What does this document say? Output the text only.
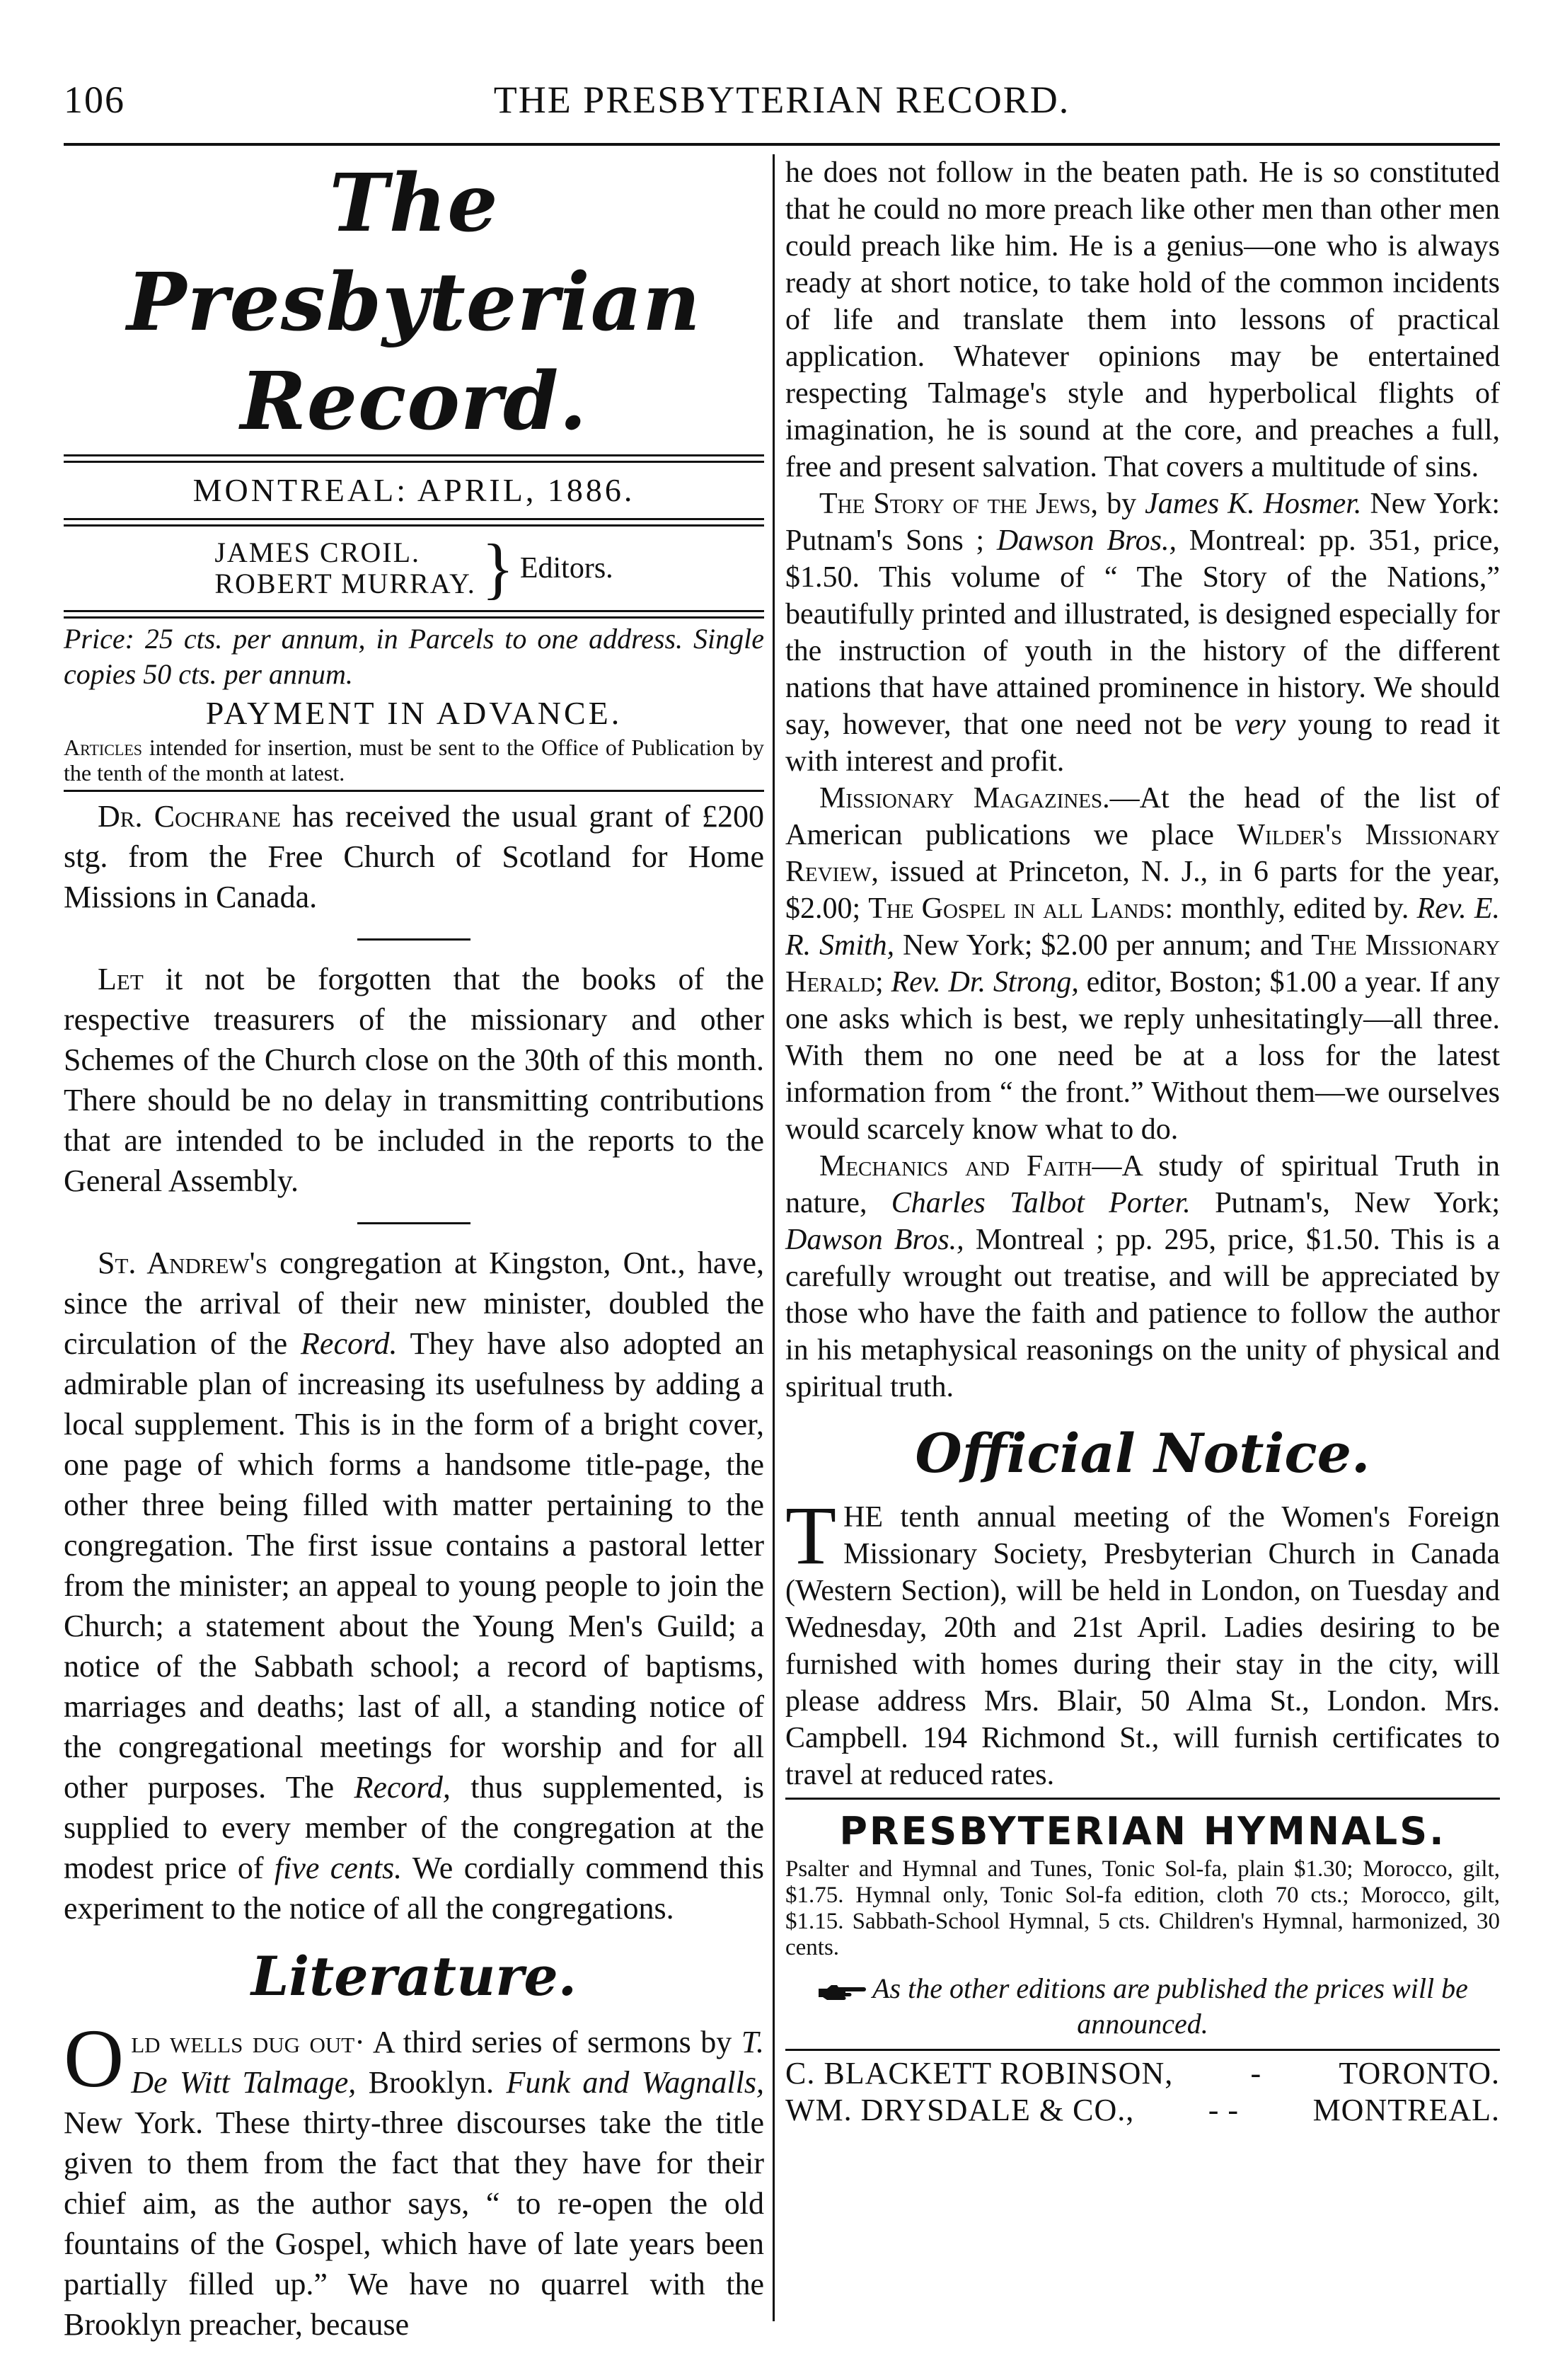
106	THE PRESBYTERIAN RECORD.
The Presbyterian Record.
MONTREAL: APRIL, 1886.
JAMES CROIL.
ROBERT MURRAY. } Editors.

Price: 25 cts. per annum, in Parcels to one address. Single copies 50 cts. per annum.

PAYMENT IN ADVANCE.

Articles intended for insertion, must be sent to the Office of Publication by the tenth of the month at latest.

Dr. Cochrane has received the usual grant of £200 stg. from the Free Church of Scotland for Home Missions in Canada.

Let it not be forgotten that the books of the respective treasurers of the missionary and other Schemes of the Church close on the 30th of this month. There should be no delay in transmitting contributions that are intended to be included in the reports to the General Assembly.

St. Andrew's congregation at Kingston, Ont., have, since the arrival of their new minister, doubled the circulation of the Record. They have also adopted an admirable plan of increasing its usefulness by adding a local supplement. This is in the form of a bright cover, one page of which forms a handsome title-page, the other three being filled with matter pertaining to the congregation. The first issue contains a pastoral letter from the minister; an appeal to young people to join the Church; a statement about the Young Men's Guild; a notice of the Sabbath school; a record of baptisms, marriages and deaths; last of all, a standing notice of the congregational meetings for worship and for all other purposes. The Record, thus supplemented, is supplied to every member of the congregation at the modest price of five cents. We cordially commend this experiment to the notice of all the congregations.

Literature.

Old wells dug out· A third series of sermons by T. De Witt Talmage, Brooklyn. Funk and Wagnalls, New York. These thirty-three discourses take the title given to them from the fact that they have for their chief aim, as the author says, “ to re-open the old fountains of the Gospel, which have of late years been partially filled up.” We have no quarrel with the Brooklyn preacher, because

he does not follow in the beaten path. He is so constituted that he could no more preach like other men than other men could preach like him. He is a genius—one who is always ready at short notice, to take hold of the common incidents of life and translate them into lessons of practical application. Whatever opinions may be entertained respecting Talmage's style and hyperbolical flights of imagination, he is sound at the core, and preaches a full, free and present salvation. That covers a multitude of sins.

The Story of the Jews, by James K. Hosmer. New York: Putnam's Sons ; Dawson Bros., Montreal: pp. 351, price, $1.50. This volume of “ The Story of the Nations,” beautifully printed and illustrated, is designed especially for the instruction of youth in the history of the different nations that have attained prominence in history. We should say, however, that one need not be very young to read it with interest and profit.

Missionary Magazines.—At the head of the list of American publications we place Wilder's Missionary Review, issued at Princeton, N. J., in 6 parts for the year, $2.00; The Gospel in all Lands: monthly, edited by. Rev. E. R. Smith, New York; $2.00 per annum; and The Missionary Herald; Rev. Dr. Strong, editor, Boston; $1.00 a year. If any one asks which is best, we reply unhesitatingly—all three. With them no one need be at a loss for the latest information from “ the front.” Without them—we ourselves would scarcely know what to do.

Mechanics and Faith—A study of spiritual Truth in nature, Charles Talbot Porter. Putnam's, New York; Dawson Bros., Montreal ; pp. 295, price, $1.50. This is a carefully wrought out treatise, and will be appreciated by those who have the faith and patience to follow the author in his metaphysical reasonings on the unity of physical and spiritual truth.

Official Notice.

THE tenth annual meeting of the Women's Foreign Missionary Society, Presbyterian Church in Canada (Western Section), will be held in London, on Tuesday and Wednesday, 20th and 21st April. Ladies desiring to be furnished with homes during their stay in the city, will please address Mrs. Blair, 50 Alma St., London. Mrs. Campbell. 194 Richmond St., will furnish certificates to travel at reduced rates.

PRESBYTERIAN HYMNALS.

Psalter and Hymnal and Tunes, Tonic Sol-fa, plain $1.30; Morocco, gilt, $1.75. Hymnal only, Tonic Sol-fa edition, cloth 70 cts.; Morocco, gilt, $1.15. Sabbath-School Hymnal, 5 cts. Children's Hymnal, harmonized, 30 cents.

As the other editions are published the prices will be announced.
C. BLACKETT ROBINSON, - TORONTO.
WM. DRYSDALE & CO., - - MONTREAL.
